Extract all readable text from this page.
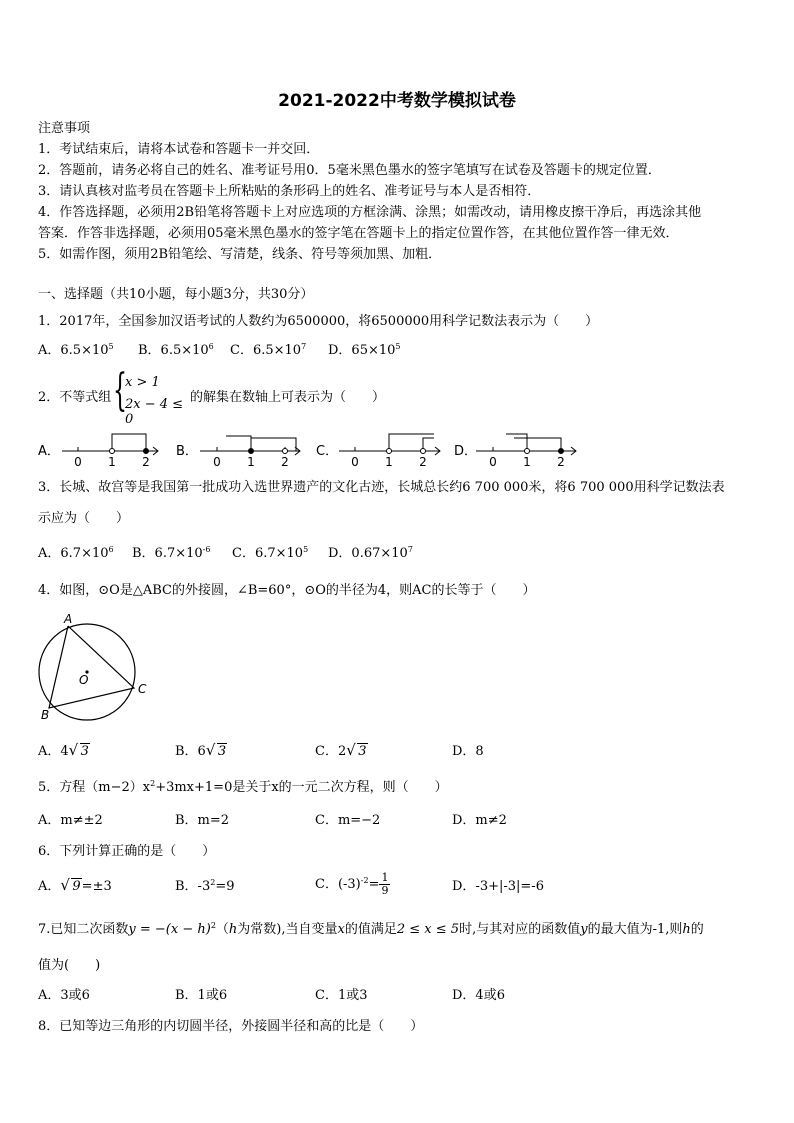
2021-2022中考数学模拟试卷
注意事项
1．考试结束后，请将本试卷和答题卡一并交回．
2．答题前，请务必将自己的姓名、准考证号用0．5毫米黑色墨水的签字笔填写在试卷及答题卡的规定位置．
3．请认真核对监考员在答题卡上所粘贴的条形码上的姓名、准考证号与本人是否相符．
4．作答选择题，必须用2B铅笔将答题卡上对应选项的方框涂满、涂黑；如需改动，请用橡皮擦干净后，再选涂其他
答案．作答非选择题，必须用05毫米黑色墨水的签字笔在答题卡上的指定位置作答，在其他位置作答一律无效．
5．如需作图，须用2B铅笔绘、写清楚，线条、符号等须加黑、加粗．
一、选择题（共10小题，每小题3分，共30分）
1．2017年，全国参加汉语考试的人数约为6500000，将6500000用科学记数法表示为（　　）
A．$6.5\times 10^5$ B．$6.5\times 10^6$ C．$6.5\times 10^7$ D．$65\times 10^5$
2．不等式组 {
x > 1
2x − 4 ≤ 0
的解集在数轴上可表示为（　　）
A．	B．	C．	D．
0 1 2	0 1 2	0 1 2	0 1 2
3．长城、故宫等是我国第一批成功入选世界遗产的文化古迹，长城总长约6 700 000米，将6 700 000用科学记数法表
示应为（　　）
A．$6.7\times 10^6$ B．$6.7\times 10^{-6}$ C．$6.7\times 10^5$ D．$0.67\times 10^7$
4．如图，⊙O是△ABC的外接圆，∠B=60°，⊙O的半径为4，则AC的长等于（　　）
A
B
C
O
A．4 √ 3	B．6 √ 3	C．2 √ 3	D．8
5．方程$(m-2)x^2+3mx+1=0$是关于x的一元二次方程，则（　　）
A．m≠±2	B．m=2	C．m=−2	D．m≠2
6．下列计算正确的是（　　）
A． √ 9=±3	B．$-3^2=9$	C．$(-3)^{-2}= \frac{1}{9}$	D．-3+|-3|=-6
7.已知二次函数$y = -(x - h)^2(h$为常数),当自变量x的值满足2 ≤ x ≤ 5时,与其对应的函数值y的最大值为-1,则h的
值为(　　)
A．3或6	B．1或6	C．1或3	D．4或6
8．已知等边三角形的内切圆半径，外接圆半径和高的比是（　　）
